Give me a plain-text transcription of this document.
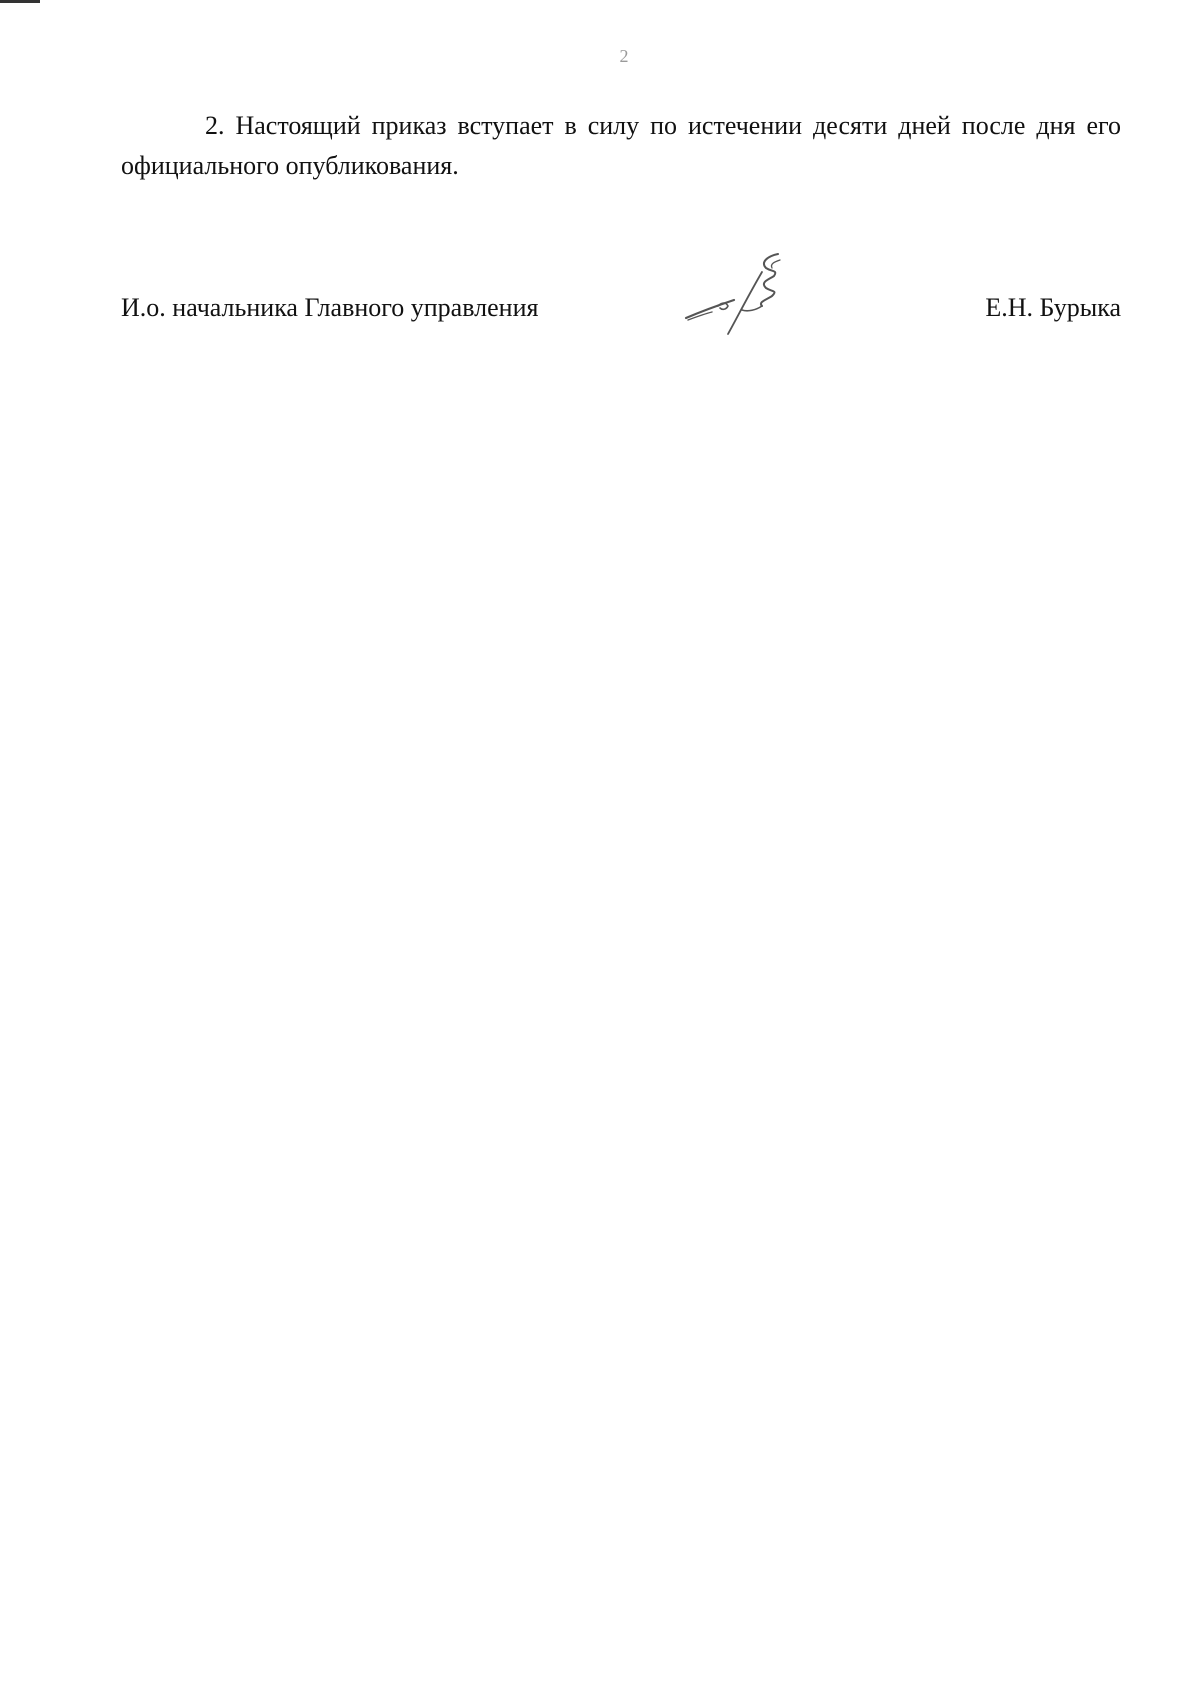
2

2. Настоящий приказ вступает в силу по истечении десяти дней после дня его официального опубликования.

И.о. начальника Главного управления	Е.Н. Бурыка
